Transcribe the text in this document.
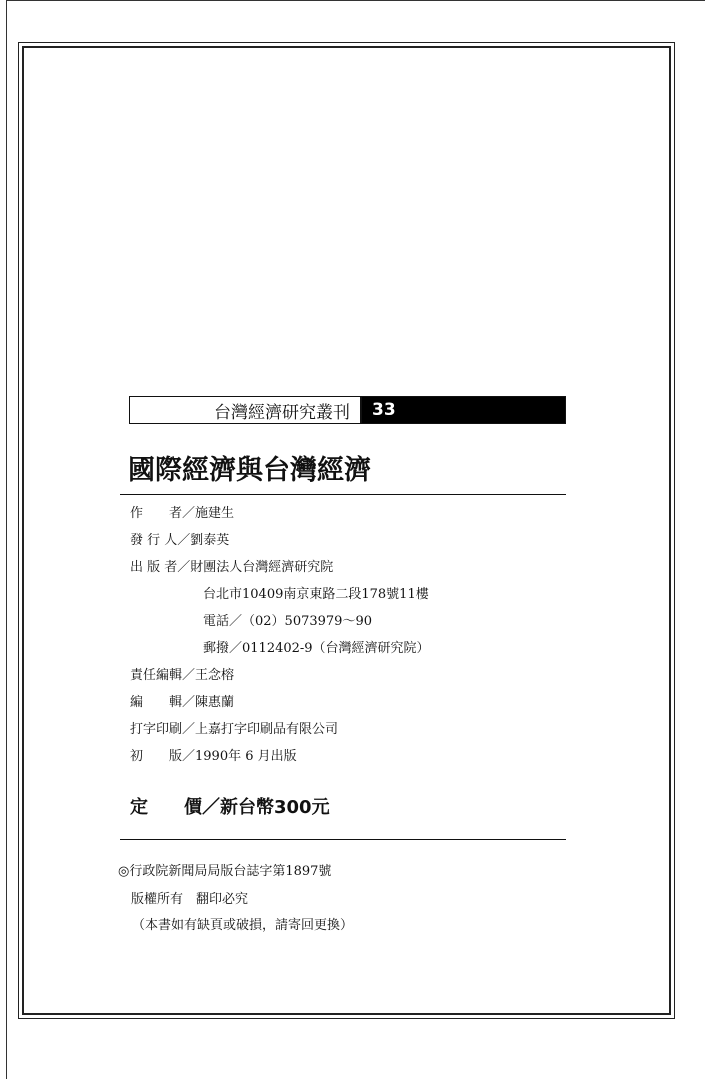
台灣經濟研究叢刊	33
國際經濟與台灣經濟
作　　者／施建生
發 行 人／劉泰英
出 版 者／財團法人台灣經濟研究院
台北市10409南京東路二段178號11樓
電話／（02）5073979～90
郵撥／0112402-9（台灣經濟研究院）
責任編輯／王念榕
編　　輯／陳惠蘭
打字印刷／上嘉打字印刷品有限公司
初　　版／1990年 6 月出版
定　　價／新台幣300元
◎行政院新聞局局版台誌字第1897號
版權所有　翻印必究
（本書如有缺頁或破損，請寄回更換）
